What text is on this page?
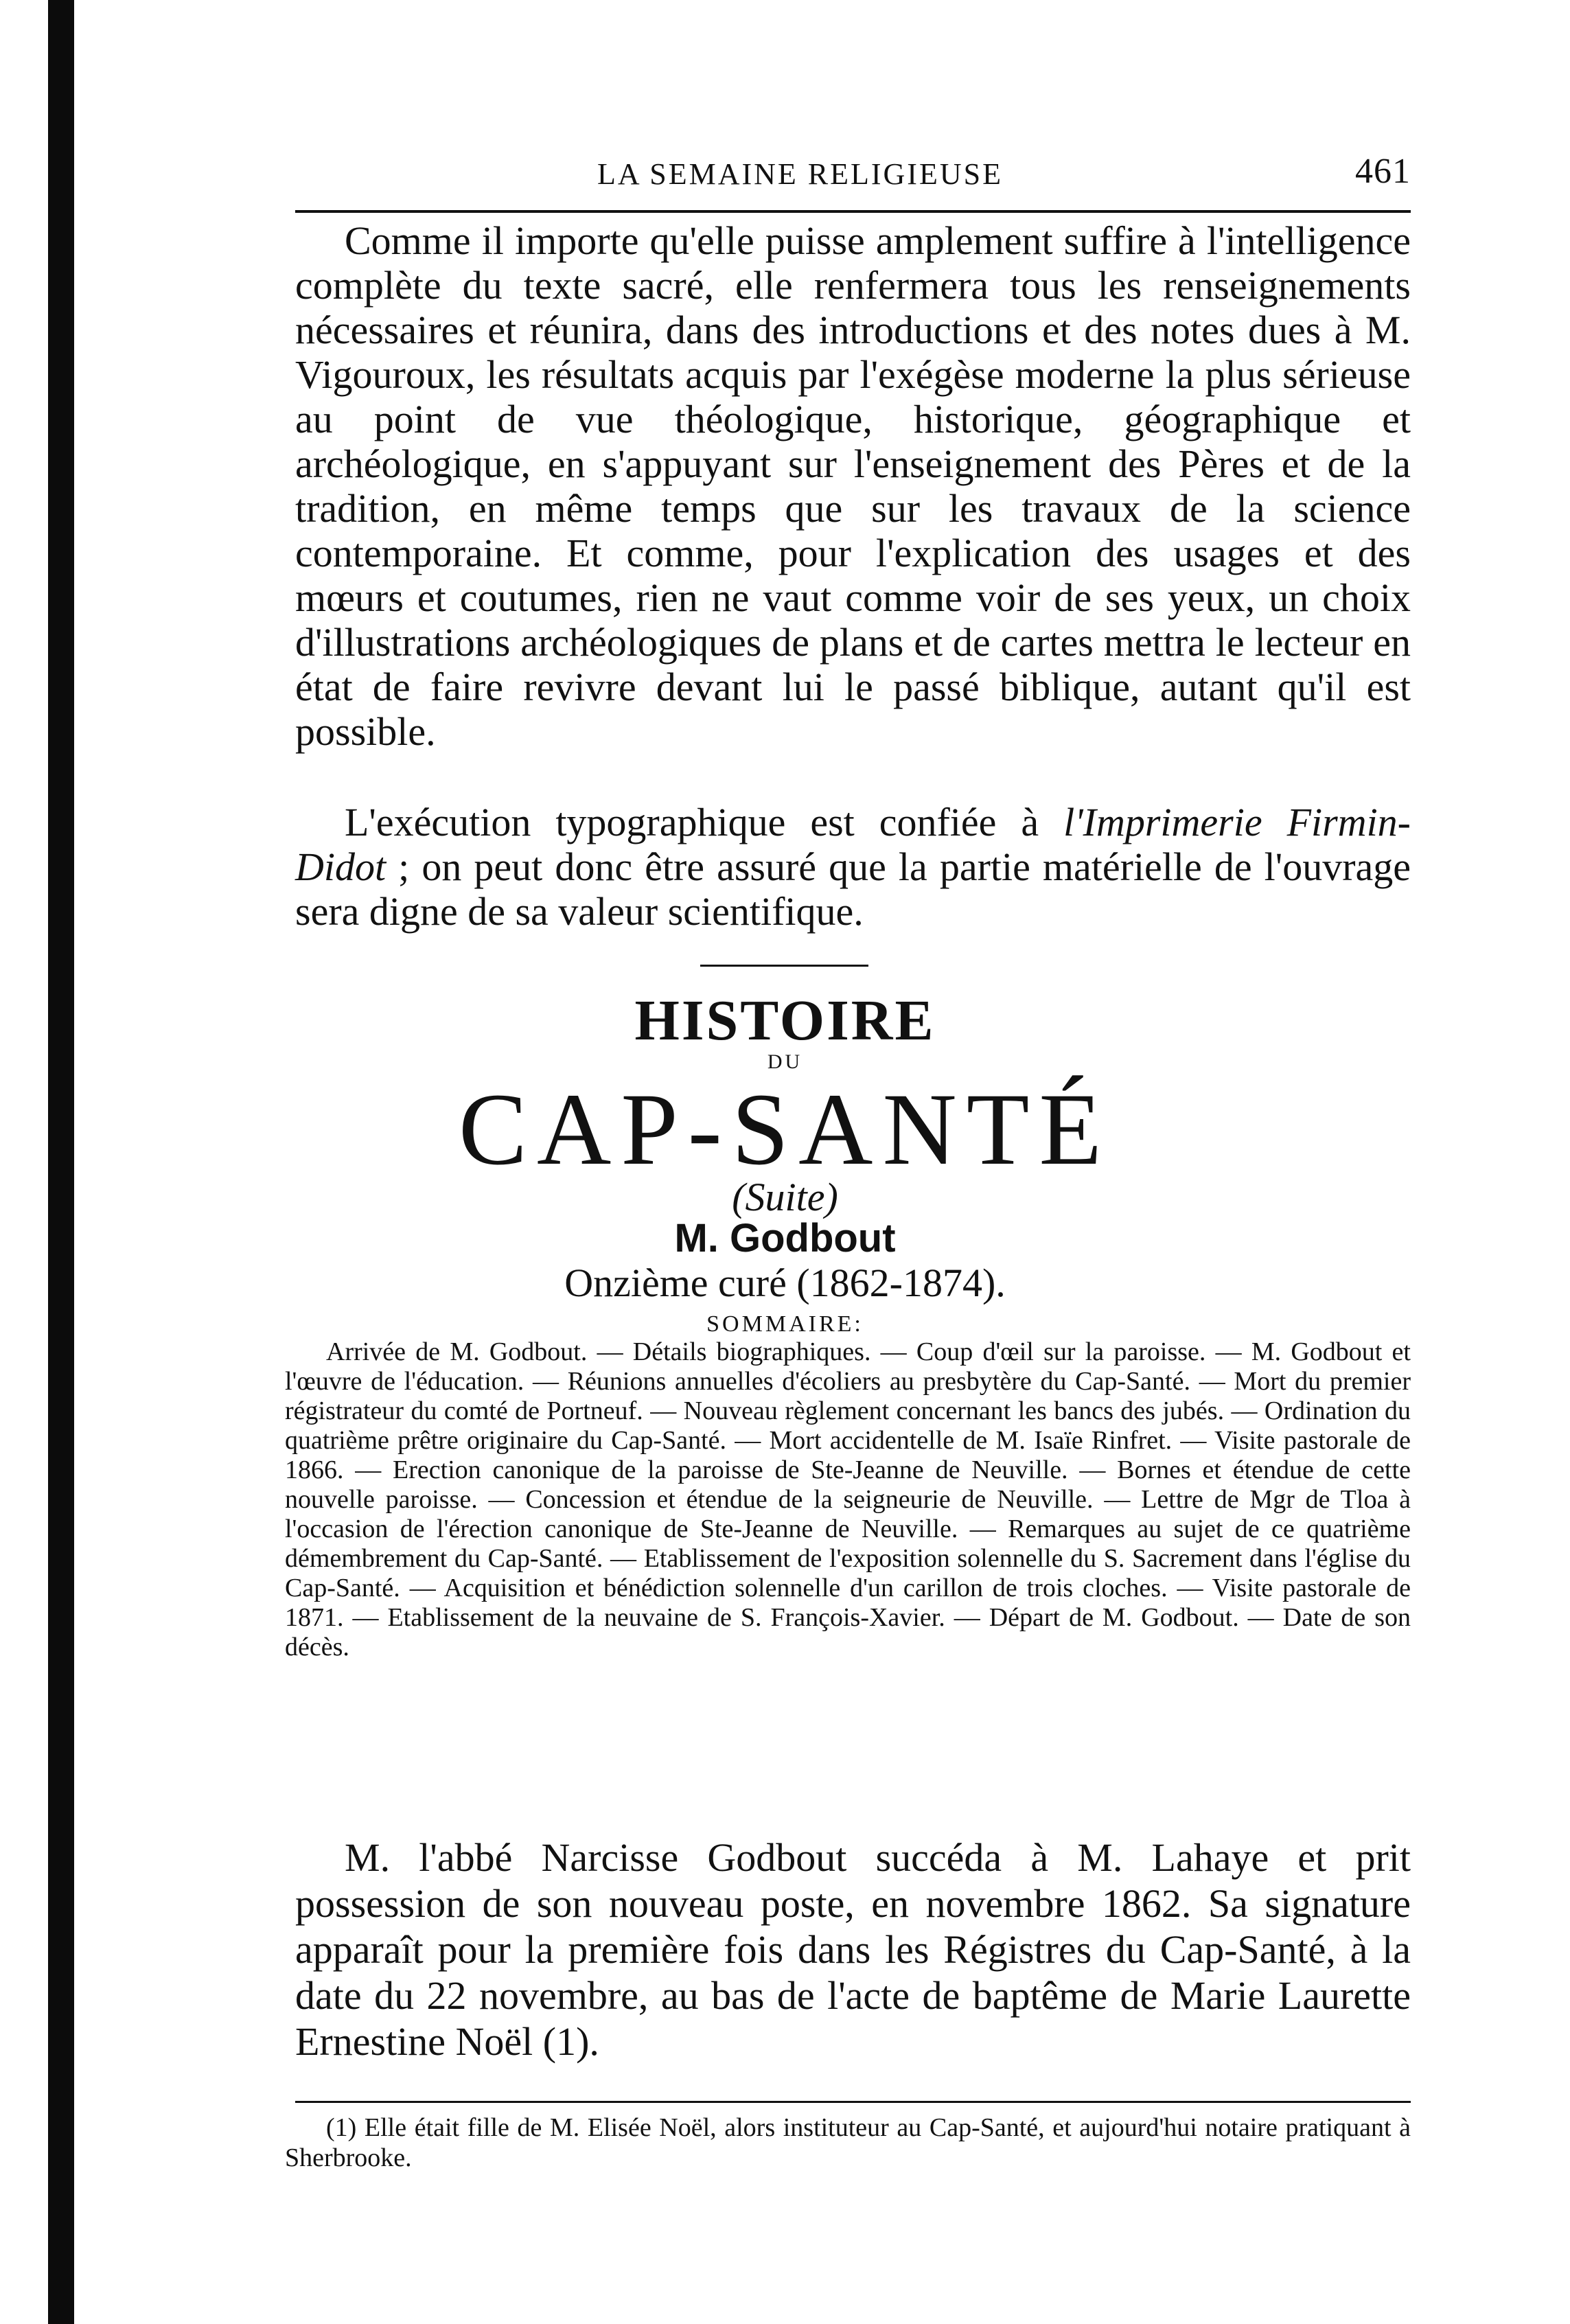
LA SEMAINE RELIGIEUSE	461

Comme il importe qu'elle puisse amplement suffire à l'intelligence complète du texte sacré, elle renfermera tous les renseignements nécessaires et réunira, dans des introductions et des notes dues à M. Vigouroux, les résultats acquis par l'exégèse moderne la plus sérieuse au point de vue théologique, historique, géographique et archéologique, en s'appuyant sur l'enseignement des Pères et de la tradition, en même temps que sur les travaux de la science contemporaine. Et comme, pour l'explication des usages et des mœurs et coutumes, rien ne vaut comme voir de ses yeux, un choix d'illustrations archéologiques de plans et de cartes mettra le lecteur en état de faire revivre devant lui le passé biblique, autant qu'il est possible.

L'exécution typographique est confiée à l'Imprimerie Firmin-Didot ; on peut donc être assuré que la partie matérielle de l'ouvrage sera digne de sa valeur scientifique.

HISTOIRE
DU
CAP-SANTÉ
(Suite)
M. Godbout
Onzième curé (1862-1874).
SOMMAIRE:

Arrivée de M. Godbout. — Détails biographiques. — Coup d'œil sur la paroisse. — M. Godbout et l'œuvre de l'éducation. — Réunions annuelles d'écoliers au presbytère du Cap-Santé. — Mort du premier régistrateur du comté de Portneuf. — Nouveau règlement concernant les bancs des jubés. — Ordination du quatrième prêtre originaire du Cap-Santé. — Mort accidentelle de M. Isaïe Rinfret. — Visite pastorale de 1866. — Erection canonique de la paroisse de Ste-Jeanne de Neuville. — Bornes et étendue de cette nouvelle paroisse. — Concession et étendue de la seigneurie de Neuville. — Lettre de Mgr de Tloa à l'occasion de l'érection canonique de Ste-Jeanne de Neuville. — Remarques au sujet de ce quatrième démembrement du Cap-Santé. — Etablissement de l'exposition solennelle du S. Sacrement dans l'église du Cap-Santé. — Acquisition et bénédiction solennelle d'un carillon de trois cloches. — Visite pastorale de 1871. — Etablissement de la neuvaine de S. François-Xavier. — Départ de M. Godbout. — Date de son décès.

M. l'abbé Narcisse Godbout succéda à M. Lahaye et prit possession de son nouveau poste, en novembre 1862. Sa signature apparaît pour la première fois dans les Régistres du Cap-Santé, à la date du 22 novembre, au bas de l'acte de baptême de Marie Laurette Ernestine Noël (1).

(1) Elle était fille de M. Elisée Noël, alors instituteur au Cap-Santé, et aujourd'hui notaire pratiquant à Sherbrooke.
